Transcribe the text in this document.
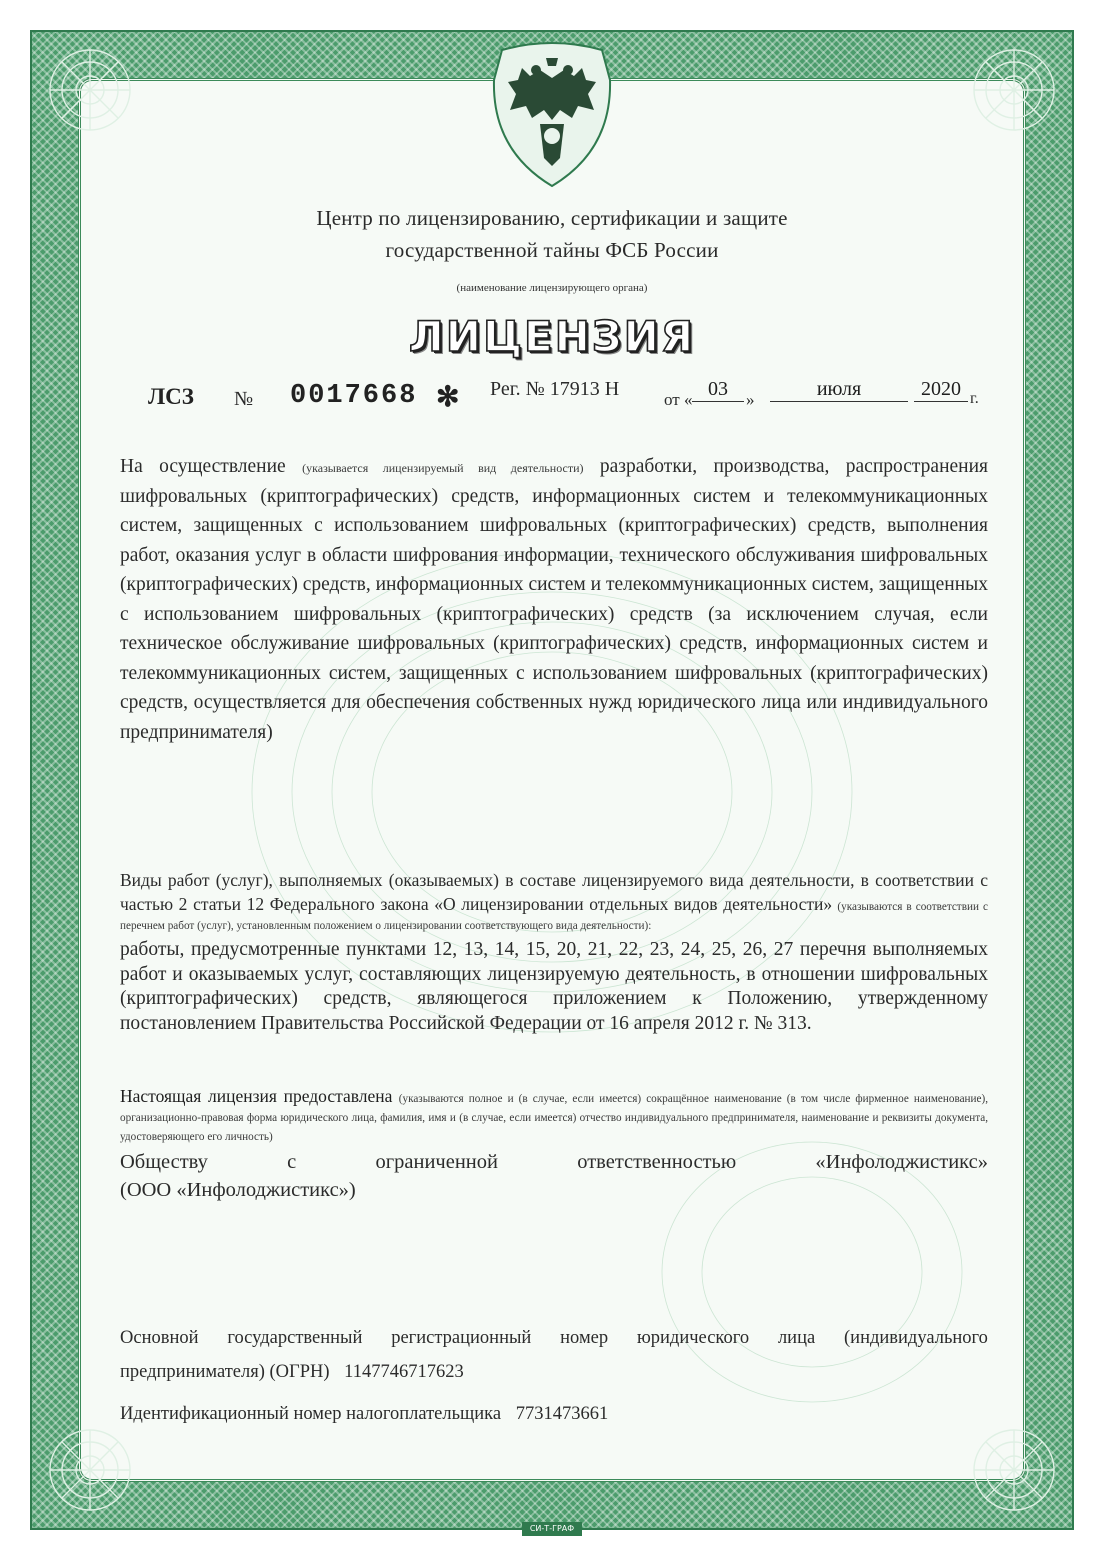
Центр по лицензированию, сертификации и защите
государственной тайны ФСБ России
(наименование лицензирующего органа)
ЛИЦЕНЗИЯ
ЛСЗ № 0017668 ✻ Рег. № 17913 Н	от « 03	»	июля	2020 г.
На осуществление (указывается лицензируемый вид деятельности) разработки, производства, распространения шифровальных (криптографических) средств, информационных систем и телекоммуникационных систем, защищенных с использованием шифровальных (криптографических) средств, выполнения работ, оказания услуг в области шифрования информации, технического обслуживания шифровальных (криптографических) средств, информационных систем и телекоммуникационных систем, защищенных с использованием шифровальных (криптографических) средств (за исключением случая, если техническое обслуживание шифровальных (криптографических) средств, информационных систем и телекоммуникационных систем, защищенных с использованием шифровальных (криптографических) средств, осуществляется для обеспечения собственных нужд юридического лица или индивидуального предпринимателя)
Виды работ (услуг), выполняемых (оказываемых) в составе лицензируемого вида деятельности, в соответствии с частью 2 статьи 12 Федерального закона «О лицензировании отдельных видов деятельности» (указываются в соответствии с перечнем работ (услуг), установленным положением о лицензировании соответствующего вида деятельности):
работы, предусмотренные пунктами 12, 13, 14, 15, 20, 21, 22, 23, 24, 25, 26, 27 перечня выполняемых работ и оказываемых услуг, составляющих лицензируемую деятельность, в отношении шифровальных (криптографических) средств, являющегося приложением к Положению, утвержденному постановлением Правительства Российской Федерации от 16 апреля 2012 г. № 313.
Настоящая лицензия предоставлена (указываются полное и (в случае, если имеется) сокращённое наименование (в том числе фирменное наименование), организационно-правовая форма юридического лица, фамилия, имя и (в случае, если имеется) отчество индивидуального предпринимателя, наименование и реквизиты документа, удостоверяющего его личность)
Обществу	с	ограниченной	ответственностью	«Инфолоджистикс»
(ООО «Инфолоджистикс»)
Основной государственный регистрационный номер юридического лица (индивидуального
предпринимателя) (ОГРН) 1147746717623
Идентификационный номер налогоплательщика 7731473661
СИ-Т-ГРАФ
